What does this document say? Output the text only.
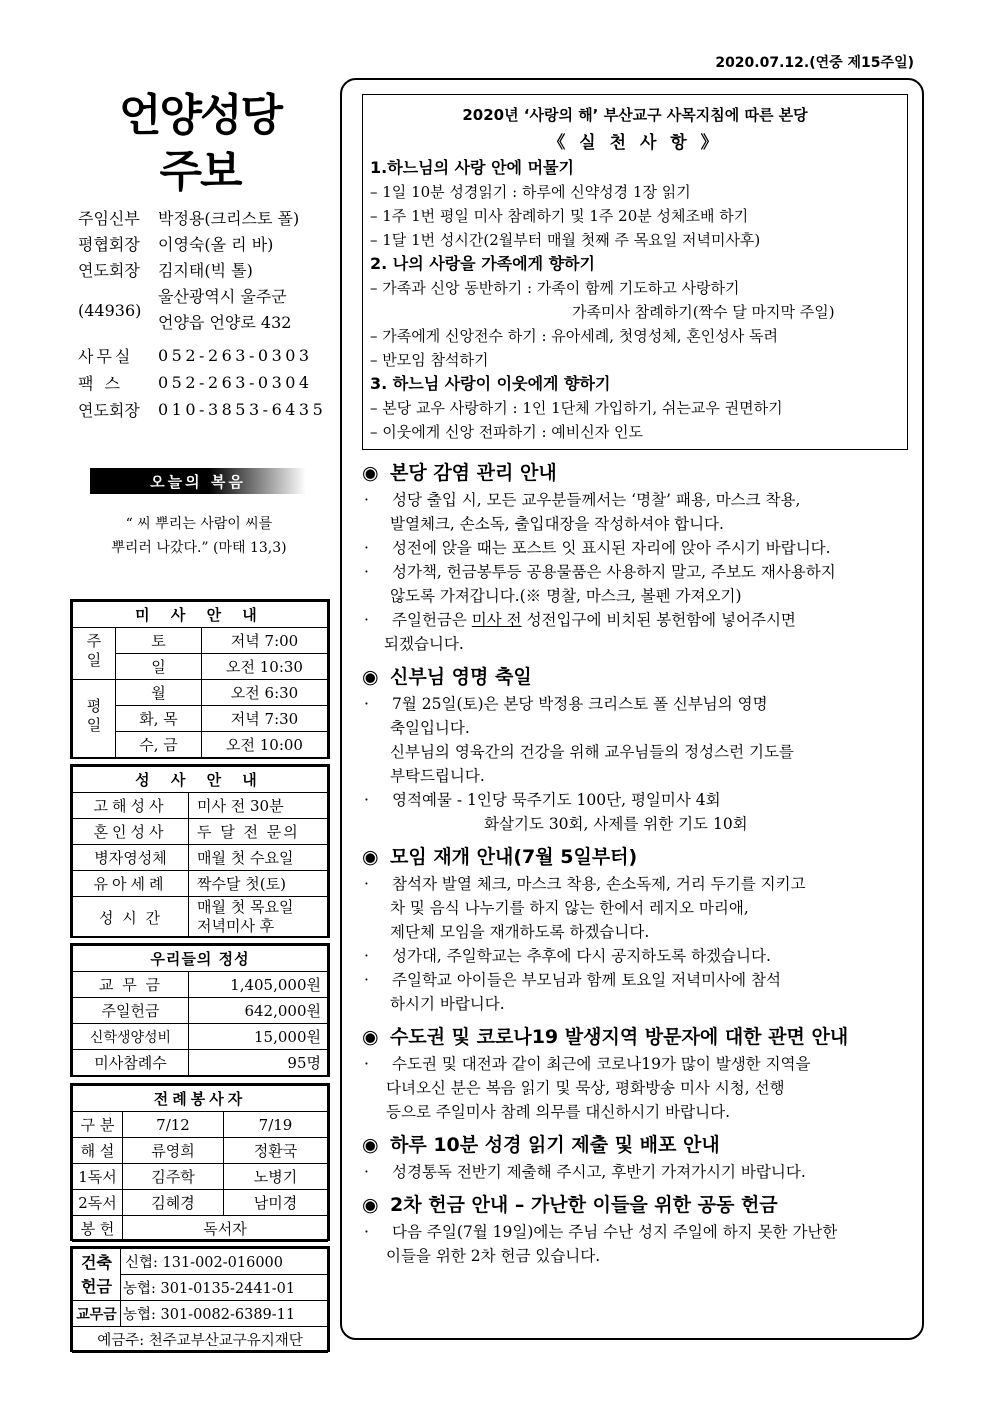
2020.07.12.(연중 제15주일)
언양성당
주보
주임신부	박정용(크리스토 폴)
평협회장	이영숙(올 리 바)
연도회장	김지태(빅 톨)
(44936)
울산광역시 울주군
언양읍 언양로 432
사무실	052-263-0303
팩 스	052-263-0304
연도회장	010-3853-6435
오늘의 복음
“ 씨 뿌리는 사람이 씨를
뿌리러 나갔다.” (마태 13,3)
미 사 안 내		
주일	토	저녁 7:00
	일	오전 10:30
평일	월	오전 6:30
	화, 목	저녁 7:30
	수, 금	오전 10:00
성 사 안 내	
고해성사	미사 전 30분
혼인성사	두 달 전 문의
병자영성체	매월 첫 수요일
유아세례	짝수달 첫(토)
성 시 간	매월 첫 목요일
저녁미사 후
우리들의 정성	
교 무 금	1,405,000원
주일헌금	642,000원
신학생양성비	15,000원
미사참례수	95명
전례봉사자		
구 분	7/12	7/19
해 설	류영희	정환국
1독서	김주학	노병기
2독서	김혜경	남미경
봉 헌	독서자	
건축
헌금	신협: 131-002-016000
	농협: 301-0135-2441-01
교무금	농협: 301-0082-6389-11
예금주: 천주교부산교구유지재단	
2020년 ‘사랑의 해’ 부산교구 사목지침에 따른 본당
《 실 천 사 항 》
1.하느님의 사랑 안에 머물기
– 1일 10분 성경읽기 : 하루에 신약성경 1장 읽기
– 1주 1번 평일 미사 참례하기 및 1주 20분 성체조배 하기
– 1달 1번 성시간(2월부터 매월 첫째 주 목요일 저녁미사후)
2. 나의 사랑을 가족에게 향하기
– 가족과 신앙 동반하기 : 가족이 함께 기도하고 사랑하기
가족미사 참례하기(짝수 달 마지막 주일)
– 가족에게 신앙전수 하기 : 유아세례, 첫영성체, 혼인성사 독려
– 반모임 참석하기
3. 하느님 사랑이 이웃에게 향하기
– 본당 교우 사랑하기 : 1인 1단체 가입하기, 쉬는교우 권면하기
– 이웃에게 신앙 전파하기 : 예비신자 인도
◉ 본당 감염 관리 안내
· 성당 출입 시, 모든 교우분들께서는 ‘명찰’ 패용, 마스크 착용,
발열체크, 손소독, 출입대장을 작성하셔야 합니다.
· 성전에 앉을 때는 포스트 잇 표시된 자리에 앉아 주시기 바랍니다.
· 성가책, 헌금봉투등 공용물품은 사용하지 말고, 주보도 재사용하지
않도록 가져갑니다.(※ 명찰, 마스크, 볼펜 가져오기)
· 주일헌금은 미사 전 성전입구에 비치된 봉헌함에 넣어주시면
되겠습니다.
◉ 신부님 영명 축일
· 7월 25일(토)은 본당 박정용 크리스토 폴 신부님의 영명
축일입니다.
신부님의 영육간의 건강을 위해 교우님들의 정성스런 기도를
부탁드립니다.
· 영적예물 - 1인당 묵주기도 100단, 평일미사 4회
화살기도 30회, 사제를 위한 기도 10회
◉ 모임 재개 안내(7월 5일부터)
· 참석자 발열 체크, 마스크 착용, 손소독제, 거리 두기를 지키고
차 및 음식 나누기를 하지 않는 한에서 레지오 마리애,
제단체 모임을 재개하도록 하겠습니다.
· 성가대, 주일학교는 추후에 다시 공지하도록 하겠습니다.
· 주일학교 아이들은 부모님과 함께 토요일 저녁미사에 참석
하시기 바랍니다.
◉ 수도권 및 코로나19 발생지역 방문자에 대한 관면 안내
· 수도권 및 대전과 같이 최근에 코로나19가 많이 발생한 지역을
다녀오신 분은 복음 읽기 및 묵상, 평화방송 미사 시청, 선행
등으로 주일미사 참례 의무를 대신하시기 바랍니다.
◉ 하루 10분 성경 읽기 제출 및 배포 안내
· 성경통독 전반기 제출해 주시고, 후반기 가져가시기 바랍니다.
◉ 2차 헌금 안내 – 가난한 이들을 위한 공동 헌금
· 다음 주일(7월 19일)에는 주님 수난 성지 주일에 하지 못한 가난한
이들을 위한 2차 헌금 있습니다.
